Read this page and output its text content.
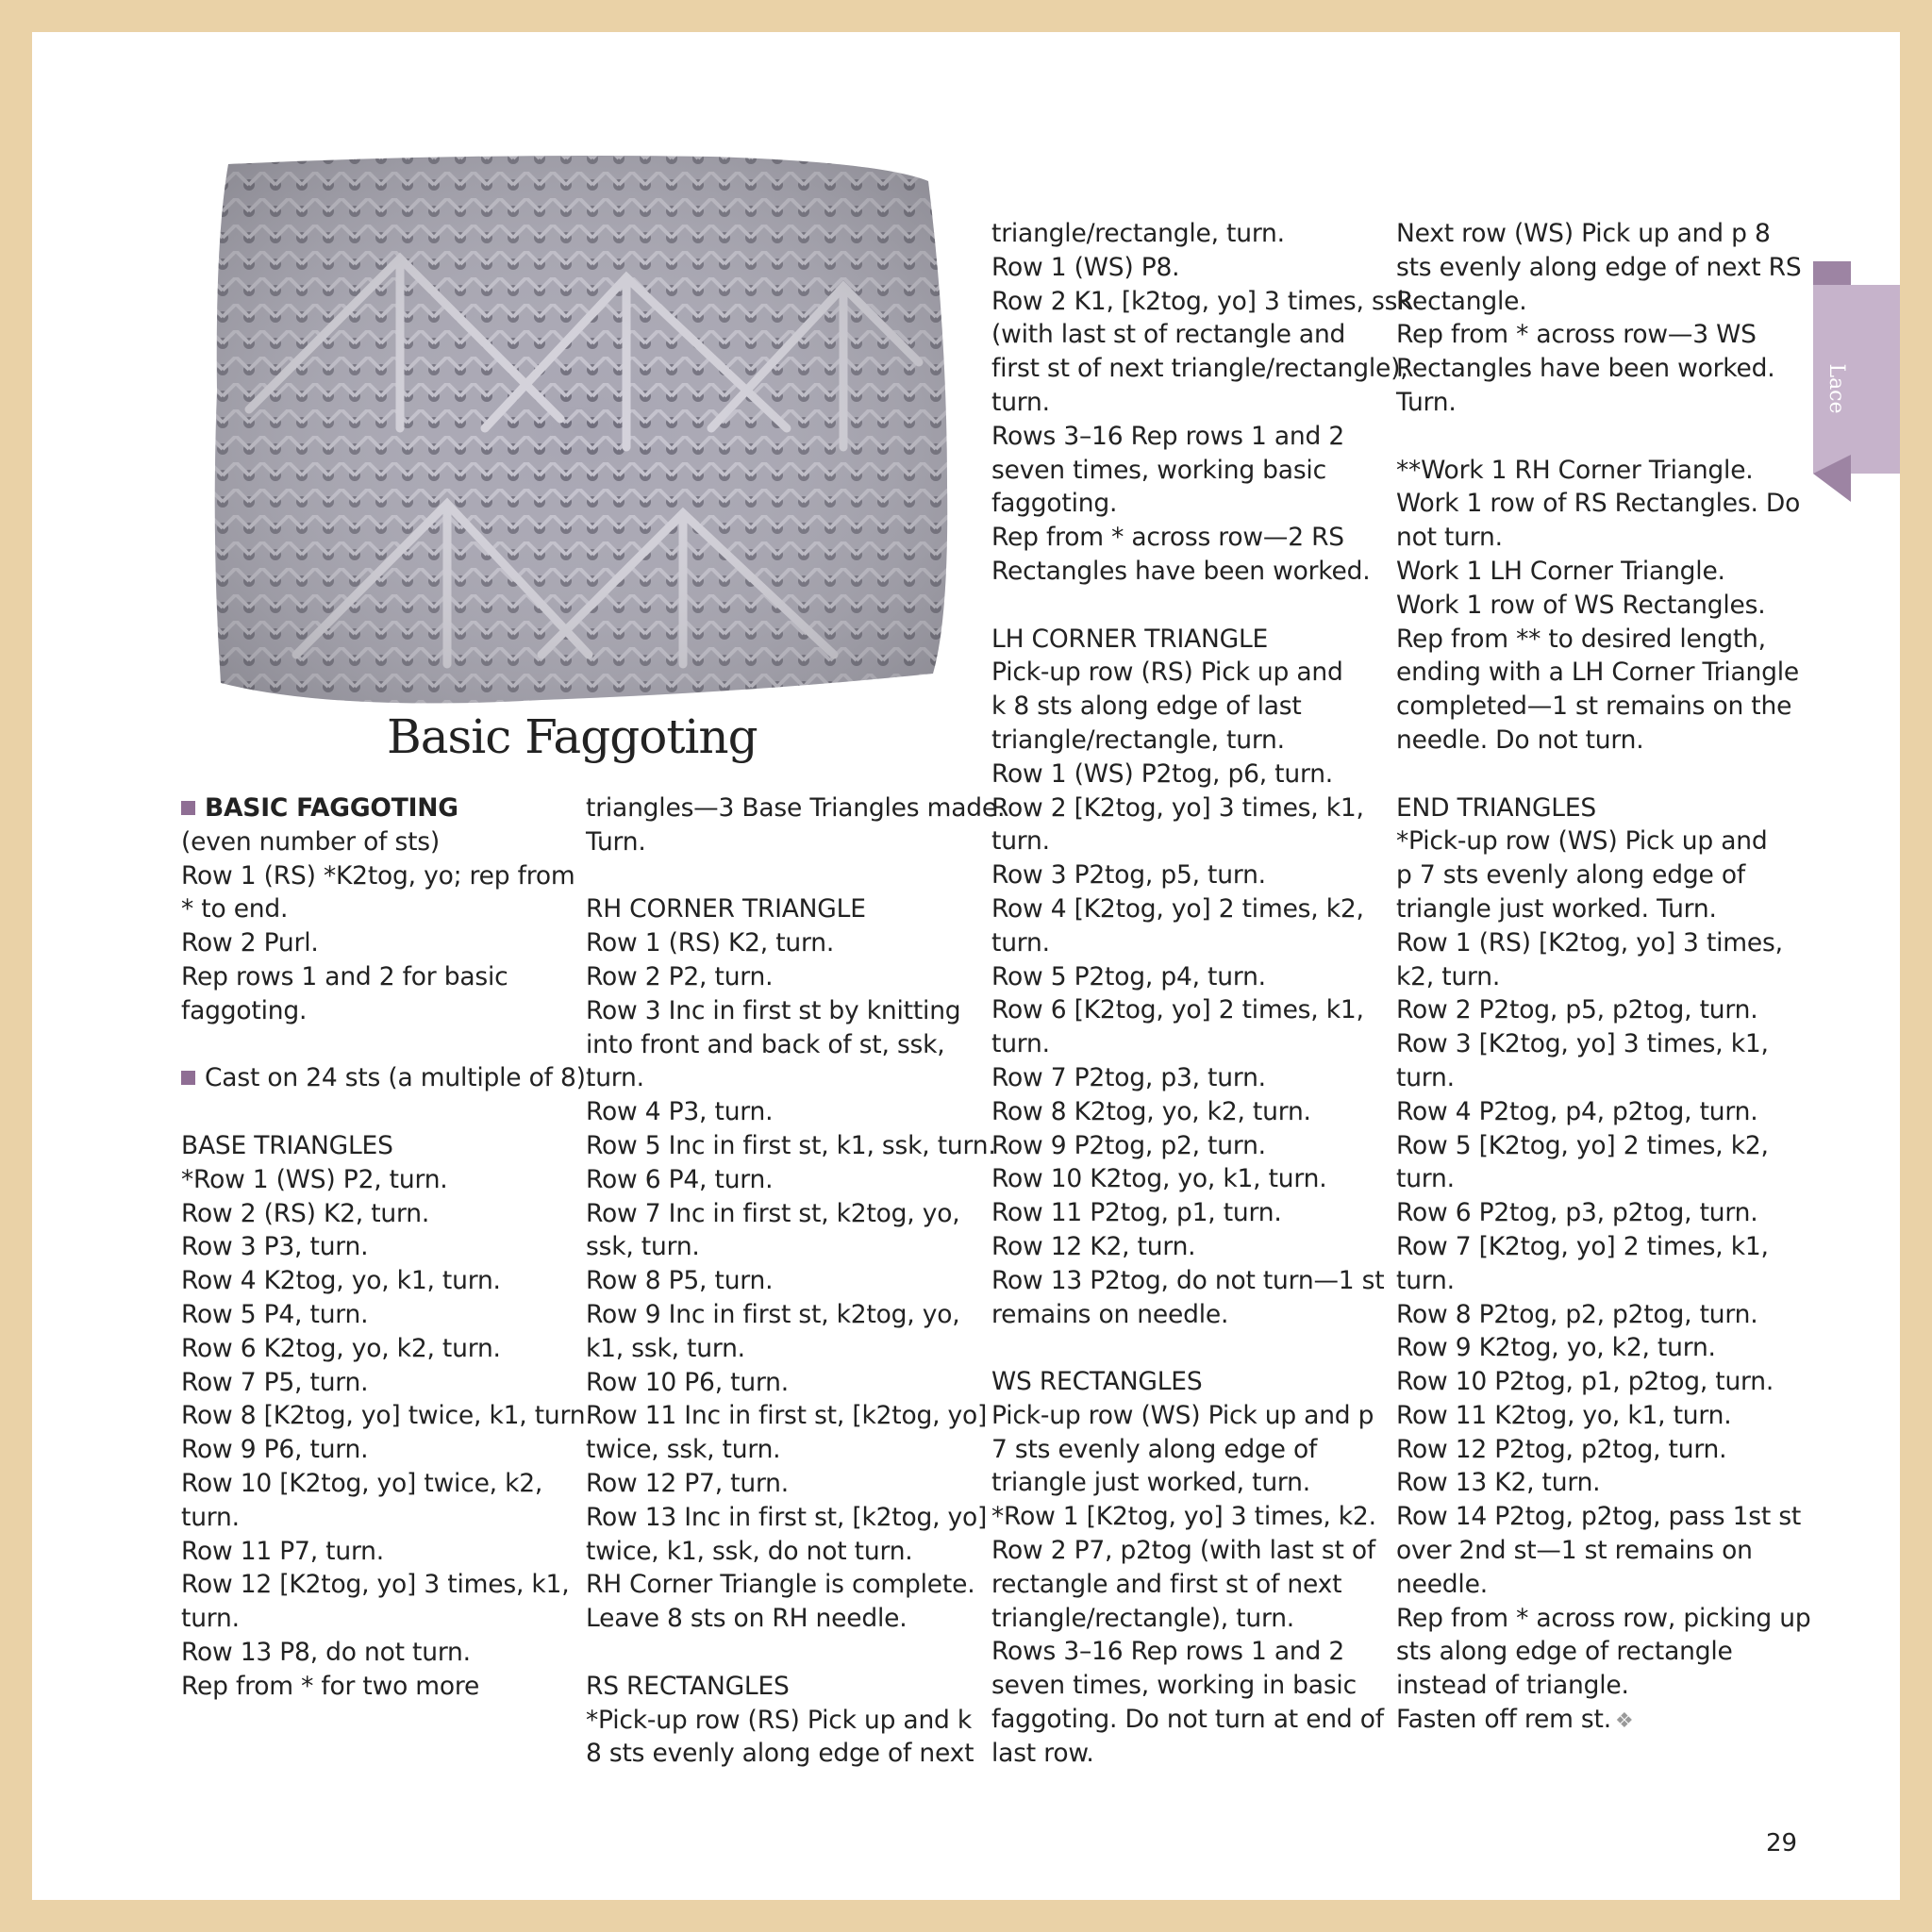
Basic Faggoting
BASIC FAGGOTING
(even number of sts)
Row 1 (RS) *K2tog, yo; rep from
* to end.
Row 2 Purl.
Rep rows 1 and 2 for basic
faggoting.
Cast on 24 sts (a multiple of 8).
BASE TRIANGLES
*Row 1 (WS) P2, turn.
Row 2 (RS) K2, turn.
Row 3 P3, turn.
Row 4 K2tog, yo, k1, turn.
Row 5 P4, turn.
Row 6 K2tog, yo, k2, turn.
Row 7 P5, turn.
Row 8 [K2tog, yo] twice, k1, turn.
Row 9 P6, turn.
Row 10 [K2tog, yo] twice, k2,
turn.
Row 11 P7, turn.
Row 12 [K2tog, yo] 3 times, k1,
turn.
Row 13 P8, do not turn.
Rep from * for two more
triangles—3 Base Triangles made.
Turn.
RH CORNER TRIANGLE
Row 1 (RS) K2, turn.
Row 2 P2, turn.
Row 3 Inc in first st by knitting
into front and back of st, ssk,
turn.
Row 4 P3, turn.
Row 5 Inc in first st, k1, ssk, turn.
Row 6 P4, turn.
Row 7 Inc in first st, k2tog, yo,
ssk, turn.
Row 8 P5, turn.
Row 9 Inc in first st, k2tog, yo,
k1, ssk, turn.
Row 10 P6, turn.
Row 11 Inc in first st, [k2tog, yo]
twice, ssk, turn.
Row 12 P7, turn.
Row 13 Inc in first st, [k2tog, yo]
twice, k1, ssk, do not turn.
RH Corner Triangle is complete.
Leave 8 sts on RH needle.
RS RECTANGLES
*Pick-up row (RS) Pick up and k
8 sts evenly along edge of next
triangle/rectangle, turn.
Row 1 (WS) P8.
Row 2 K1, [k2tog, yo] 3 times, ssk
(with last st of rectangle and
first st of next triangle/rectangle),
turn.
Rows 3–16 Rep rows 1 and 2
seven times, working basic
faggoting.
Rep from * across row—2 RS
Rectangles have been worked.
LH CORNER TRIANGLE
Pick-up row (RS) Pick up and
k 8 sts along edge of last
triangle/rectangle, turn.
Row 1 (WS) P2tog, p6, turn.
Row 2 [K2tog, yo] 3 times, k1,
turn.
Row 3 P2tog, p5, turn.
Row 4 [K2tog, yo] 2 times, k2,
turn.
Row 5 P2tog, p4, turn.
Row 6 [K2tog, yo] 2 times, k1,
turn.
Row 7 P2tog, p3, turn.
Row 8 K2tog, yo, k2, turn.
Row 9 P2tog, p2, turn.
Row 10 K2tog, yo, k1, turn.
Row 11 P2tog, p1, turn.
Row 12 K2, turn.
Row 13 P2tog, do not turn—1 st
remains on needle.
WS RECTANGLES
Pick-up row (WS) Pick up and p
7 sts evenly along edge of
triangle just worked, turn.
*Row 1 [K2tog, yo] 3 times, k2.
Row 2 P7, p2tog (with last st of
rectangle and first st of next
triangle/rectangle), turn.
Rows 3–16 Rep rows 1 and 2
seven times, working in basic
faggoting. Do not turn at end of
last row.
Next row (WS) Pick up and p 8
sts evenly along edge of next RS
Rectangle.
Rep from * across row—3 WS
Rectangles have been worked.
Turn.
**Work 1 RH Corner Triangle.
Work 1 row of RS Rectangles. Do
not turn.
Work 1 LH Corner Triangle.
Work 1 row of WS Rectangles.
Rep from ** to desired length,
ending with a LH Corner Triangle
completed—1 st remains on the
needle. Do not turn.
END TRIANGLES
*Pick-up row (WS) Pick up and
p 7 sts evenly along edge of
triangle just worked. Turn.
Row 1 (RS) [K2tog, yo] 3 times,
k2, turn.
Row 2 P2tog, p5, p2tog, turn.
Row 3 [K2tog, yo] 3 times, k1,
turn.
Row 4 P2tog, p4, p2tog, turn.
Row 5 [K2tog, yo] 2 times, k2,
turn.
Row 6 P2tog, p3, p2tog, turn.
Row 7 [K2tog, yo] 2 times, k1,
turn.
Row 8 P2tog, p2, p2tog, turn.
Row 9 K2tog, yo, k2, turn.
Row 10 P2tog, p1, p2tog, turn.
Row 11 K2tog, yo, k1, turn.
Row 12 P2tog, p2tog, turn.
Row 13 K2, turn.
Row 14 P2tog, p2tog, pass 1st st
over 2nd st—1 st remains on
needle.
Rep from * across row, picking up
sts along edge of rectangle
instead of triangle.
Fasten off rem st. ❖
Lace
29
